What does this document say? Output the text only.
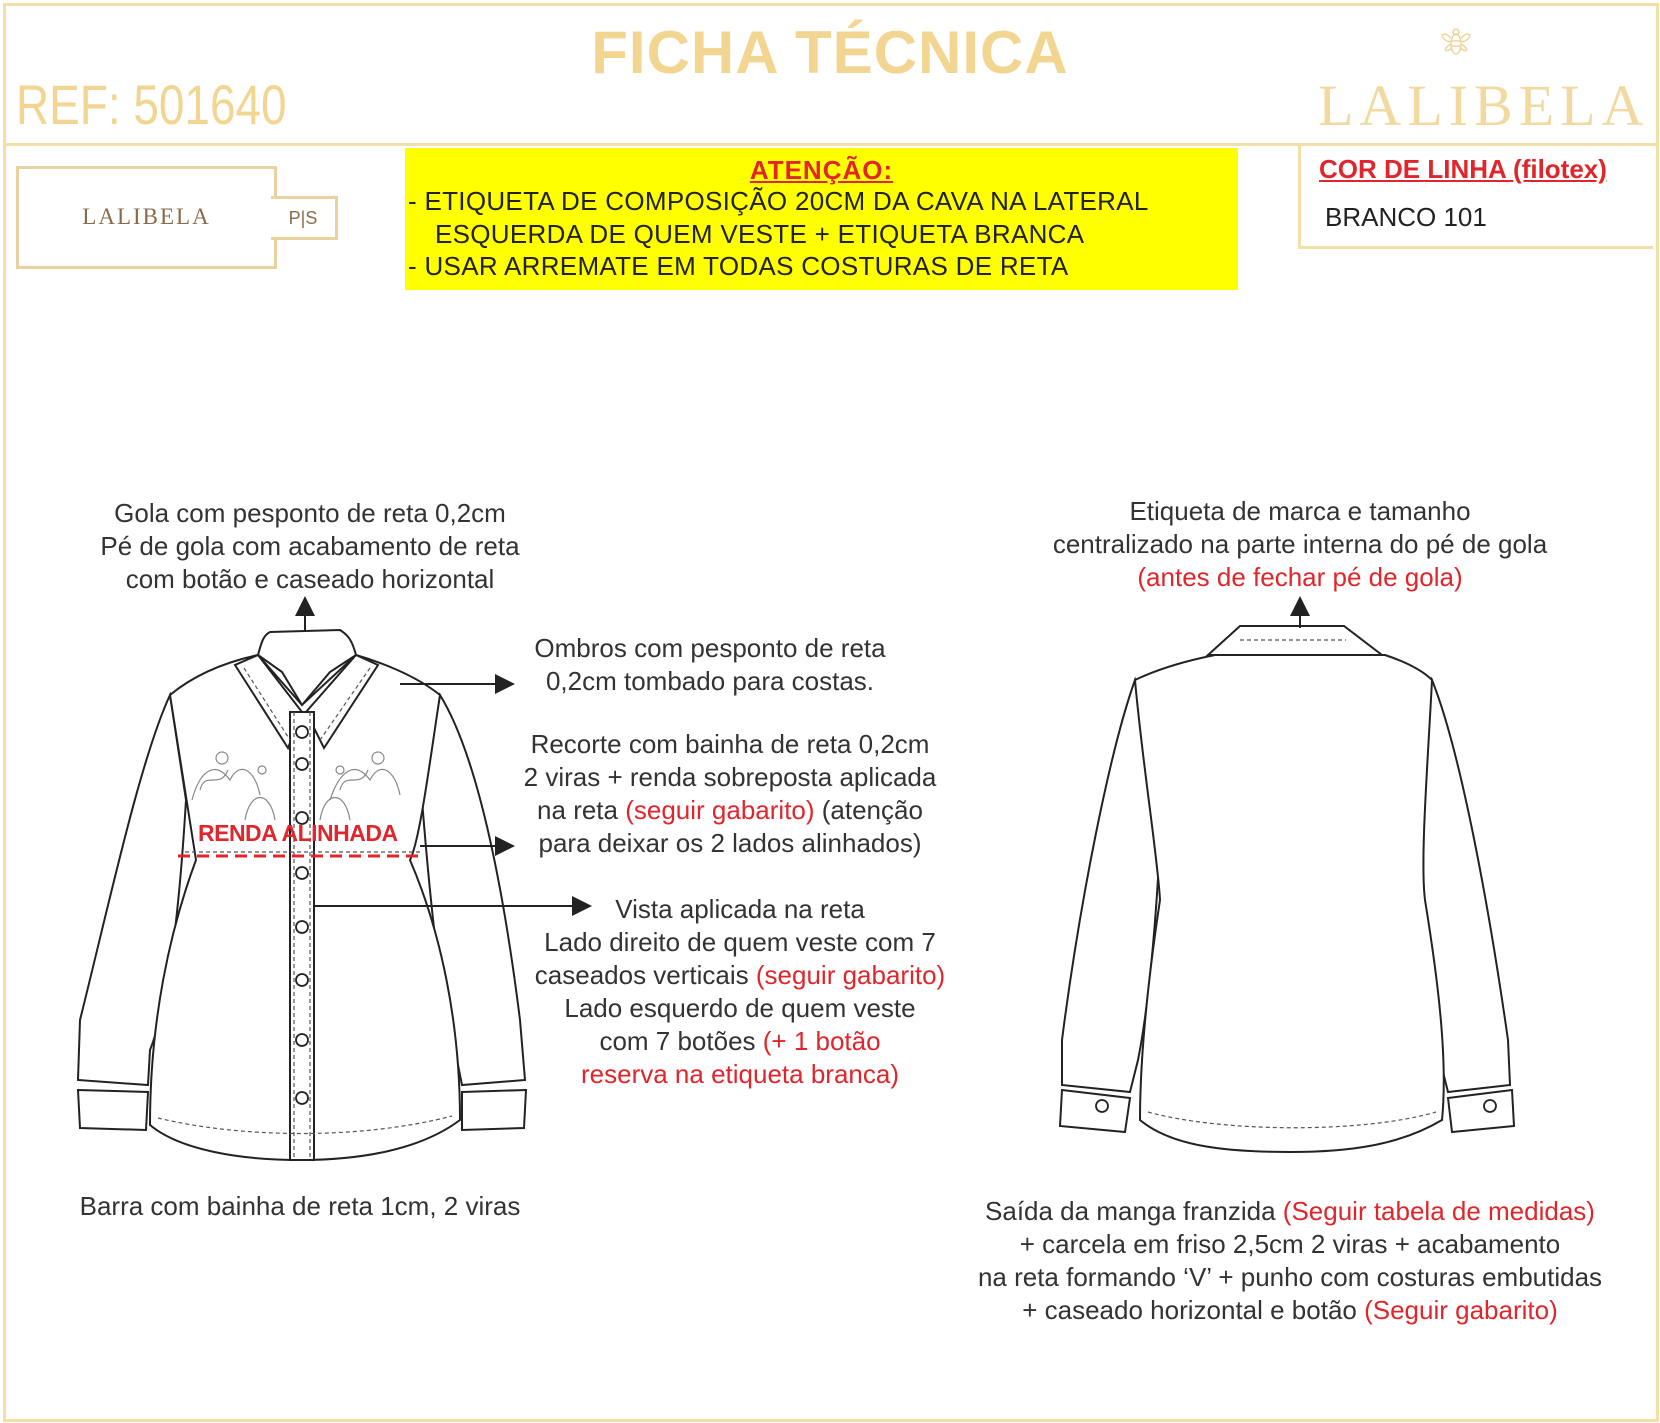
FICHA TÉCNICA
REF: 501640	LALIBELA
LALIBELA	P|S
ATENÇÃO:
- ETIQUETA DE COMPOSIÇÃO 20CM DA CAVA NA LATERAL
ESQUERDA DE QUEM VESTE + ETIQUETA BRANCA
- USAR ARREMATE EM TODAS COSTURAS DE RETA
COR DE LINHA (filotex)
BRANCO 101
RENDA ALINHADA
Gola com pesponto de reta 0,2cm
Pé de gola com acabamento de reta
com botão e caseado horizontal
Ombros com pesponto de reta
0,2cm tombado para costas.
Recorte com bainha de reta 0,2cm
2 viras + renda sobreposta aplicada
na reta (seguir gabarito) (atenção
para deixar os 2 lados alinhados)
Vista aplicada na reta
Lado direito de quem veste com 7
caseados verticais (seguir gabarito)
Lado esquerdo de quem veste
com 7 botões (+ 1 botão
reserva na etiqueta branca)
Barra com bainha de reta 1cm, 2 viras
Etiqueta de marca e tamanho
centralizado na parte interna do pé de gola
(antes de fechar pé de gola)
Saída da manga franzida (Seguir tabela de medidas)
+ carcela em friso 2,5cm 2 viras + acabamento
na reta formando ‘V’ + punho com costuras embutidas
+ caseado horizontal e botão (Seguir gabarito)
